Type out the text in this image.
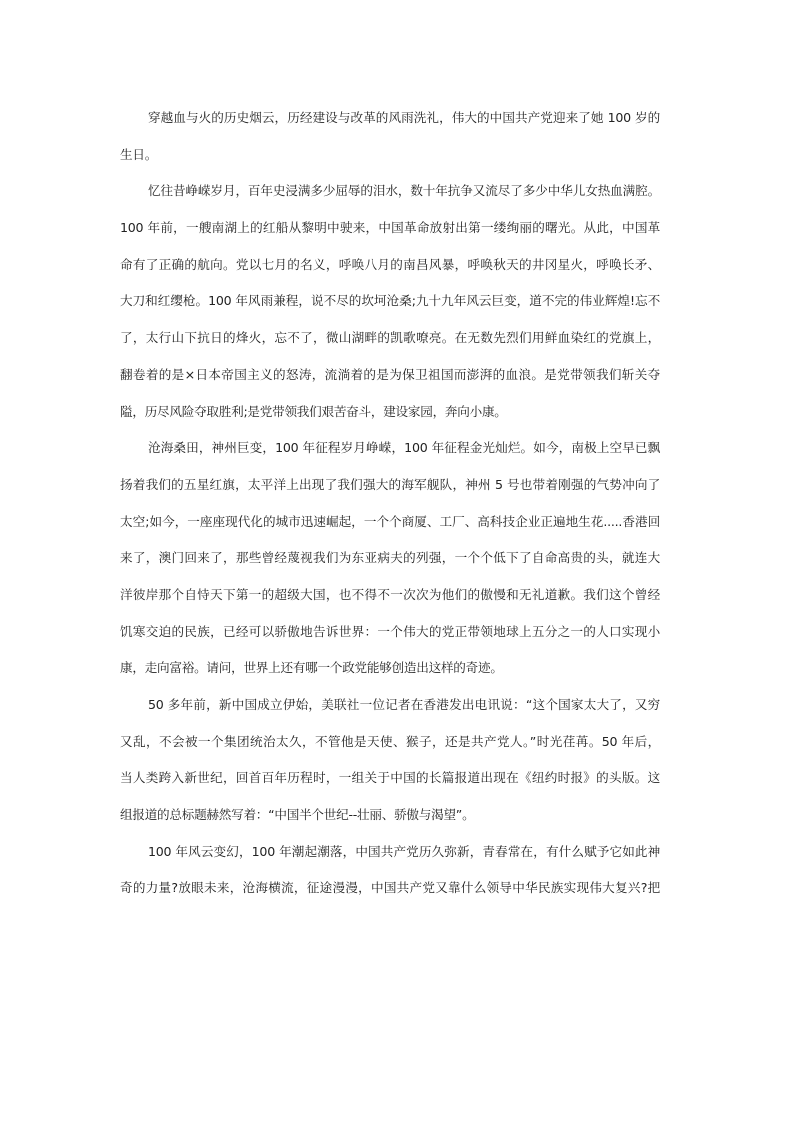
穿越血与火的历史烟云，历经建设与改革的风雨洗礼，伟大的中国共产党迎来了她 100 岁的
生日。
忆往昔峥嵘岁月，百年史浸满多少屈辱的泪水，数十年抗争又流尽了多少中华儿女热血满腔。
100 年前，一艘南湖上的红船从黎明中驶来，中国革命放射出第一缕绚丽的曙光。从此，中国革
命有了正确的航向。党以七月的名义，呼唤八月的南昌风暴，呼唤秋天的井冈星火，呼唤长矛、
大刀和红缨枪。100 年风雨兼程，说不尽的坎坷沧桑;九十九年风云巨变，道不完的伟业辉煌!忘不
了，太行山下抗日的烽火，忘不了，微山湖畔的凯歌嘹亮。在无数先烈们用鲜血染红的党旗上，
翻卷着的是×日本帝国主义的怒涛，流淌着的是为保卫祖国而澎湃的血浪。是党带领我们斩关夺
隘，历尽风险夺取胜利;是党带领我们艰苦奋斗，建设家园，奔向小康。
沧海桑田，神州巨变，100 年征程岁月峥嵘，100 年征程金光灿烂。如今，南极上空早已飘
扬着我们的五星红旗，太平洋上出现了我们强大的海军舰队，神州 5 号也带着刚强的气势冲向了
太空;如今，一座座现代化的城市迅速崛起，一个个商厦、工厂、高科技企业正遍地生花.....香港回
来了，澳门回来了，那些曾经蔑视我们为东亚病夫的列强，一个个低下了自命高贵的头，就连大
洋彼岸那个自恃天下第一的超级大国，也不得不一次次为他们的傲慢和无礼道歉。我们这个曾经
饥寒交迫的民族，已经可以骄傲地告诉世界：一个伟大的党正带领地球上五分之一的人口实现小
康，走向富裕。请问，世界上还有哪一个政党能够创造出这样的奇迹。
50 多年前，新中国成立伊始，美联社一位记者在香港发出电讯说：“这个国家太大了，又穷
又乱，不会被一个集团统治太久，不管他是天使、猴子，还是共产党人。”时光荏苒。50 年后，
当人类跨入新世纪，回首百年历程时，一组关于中国的长篇报道出现在《纽约时报》的头版。这
组报道的总标题赫然写着：“中国半个世纪--壮丽、骄傲与渴望”。
100 年风云变幻，100 年潮起潮落，中国共产党历久弥新，青春常在，有什么赋予它如此神
奇的力量?放眼未来，沧海横流，征途漫漫，中国共产党又靠什么领导中华民族实现伟大复兴?把
